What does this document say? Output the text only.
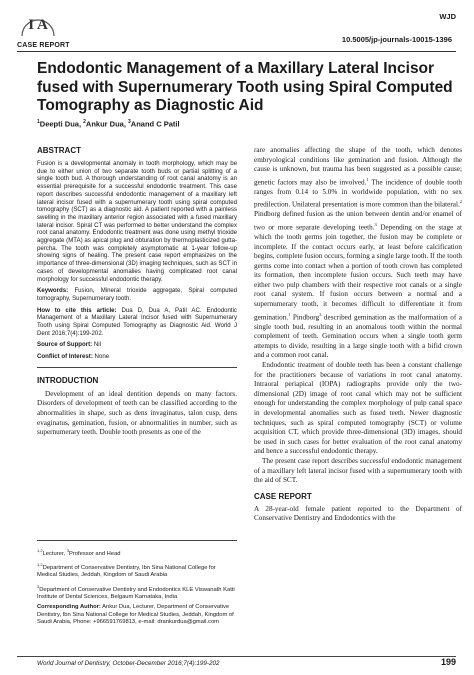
I A
CASE REPORT
WJD
10.5005/jp-journals-10015-1396
Endodontic Management of a Maxillary Lateral Incisor fused with Supernumerary Tooth using Spiral Computed Tomography as Diagnostic Aid
$^1$Deepti Dua, $^2$Ankur Dua, $^3$Anand C Patil
ABSTRACT
Fusion is a developmental anomaly in tooth morphology, which may be due to either union of two separate tooth buds or partial splitting of a single tooth bud. A thorough understanding of root canal anatomy is an essential prerequisite for a successful endodontic treatment. This case report describes successful endodontic management of a maxillary left lateral incisor fused with a supernumerary tooth using spiral computed tomography (SCT) as a diagnostic aid. A patient reported with a painless swelling in the maxillary anterior region associated with a fused maxillary lateral incisor. Spiral CT was performed to better understand the complex root canal anatomy. Endodontic treatment was done using methyl trioxide aggregate (MTA) as apical plug and obturation by thermoplasticized gutta-percha. The tooth was completely asymptomatic at 1-year follow-up showing signs of healing. The present case report emphasizes on the importance of three-dimensional (3D) imaging techniques, such as SCT in cases of developmental anomalies having complicated root canal morphology for successful endodontic therapy.
Keywords: Fusion, Mineral trioxide aggregate, Spiral computed tomography, Supernumerary tooth.
How to cite this article: Dua D, Dua A, Patil AC. Endodontic Management of a Maxillary Lateral Incisor fused with Supernumerary Tooth using Spiral Computed Tomography as Diagnostic Aid. World J Dent 2016;7(4):199-202.
Source of Support: Nil
Conflict of Interest: None
INTRODUCTION
Development of an ideal dentition depends on many factors. Disorders of development of teeth can be classified according to the abnormalities in shape, such as dens invaginatus, talon cusp, dens evaginatus, gemination, fusion, or abnormalities in number, such as supernumerary teeth. Double tooth presents as one of the

$^{1,2}$Lecturer, $^3$Professor and Head

$^{1,2}$Department of Conservative Dentistry, Ibn Sina National College for Medical Studies, Jeddah, Kingdom of Saudi Arabia

$^3$Department of Conservative Dentistry and Endodontics KLE Viswanath Katti Institute of Dental Sciences, Belgaum Karnataka, India

Corresponding Author: Ankur Dua, Lecturer, Department of Conservative Dentistry, Ibn Sina National College for Medical Studies, Jeddah, Kingdom of Saudi Arabia, Phone: +966591769813, e-mail: drankurdua@gmail.com

rare anomalies affecting the shape of the tooth, which denotes embryological conditions like gemination and fusion. Although the cause is unknown, but trauma has been suggested as a possible cause; genetic factors may also be involved.$^1$ The incidence of double tooth ranges from 0.14 to 5.0% in worldwide population, with no sex predilection. Unilateral presentation is more common than the bilateral.$^2$ Pindborg defined fusion as the union between dentin and/or enamel of two or more separate developing teeth.$^3$ Depending on the stage at which the tooth germs join together, the fusion may be complete or incomplete. If the contact occurs early, at least before calcification begins, complete fusion occurs, forming a single large tooth. If the tooth germs come into contact when a portion of tooth crown has completed its formation, then incomplete fusion occurs. Such teeth may have either two pulp chambers with their respective root canals or a single root canal system. If fusion occurs between a normal and a supernumerary tooth, it becomes difficult to differentiate it from gemination.$^1$ Pindborg$^3$ described gemination as the malformation of a single tooth bud, resulting in an anomalous tooth within the normal complement of teeth. Gemination occurs when a single tooth germ attempts to divide, resulting in a large single tooth with a bifid crown and a common root canal.

Endodontic treatment of double teeth has been a constant challenge for the practitioners because of variations in root canal anatomy. Intraoral periapical (IOPA) radiographs provide only the two-dimensional (2D) image of root canal which may not be sufficient enough for understanding the complex morphology of pulp canal space in developmental anomalies such as fused teeth. Newer diagnostic techniques, such as spiral computed tomography (SCT) or volume acquisition CT, which provide three-dimensional (3D) images, should be used in such cases for better evaluation of the root canal anatomy and hence a successful endodontic therapy.

The present case report describes successful endodontic management of a maxillary left lateral incisor fused with a supernumerary tooth with the aid of SCT.

CASE REPORT

A 28-year-old female patient reported to the Department of Conservative Dentistry and Endodontics with the

World Journal of Dentistry, October-December 2016;7(4):199-202	199
